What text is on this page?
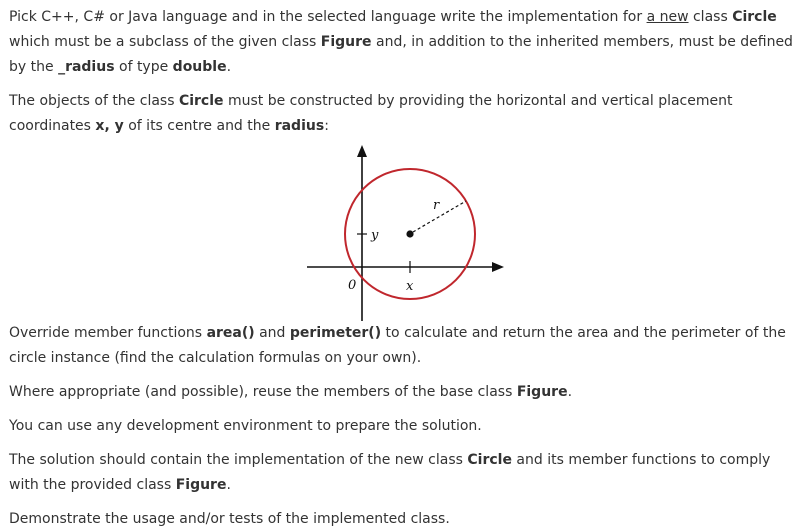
Pick C++, C# or Java language and in the selected language write the implementation for a new class Circle which must be a subclass of the given class Figure and, in addition to the inherited members, must be defined by the _radius of type double.

The objects of the class Circle must be constructed by providing the horizontal and vertical placement coordinates x, y of its centre and the radius:

y
x
0
r

Override member functions area() and perimeter() to calculate and return the area and the perimeter of the circle instance (find the calculation formulas on your own).

Where appropriate (and possible), reuse the members of the base class Figure.

You can use any development environment to prepare the solution.

The solution should contain the implementation of the new class Circle and its member functions to comply with the provided class Figure.

Demonstrate the usage and/or tests of the implemented class.
